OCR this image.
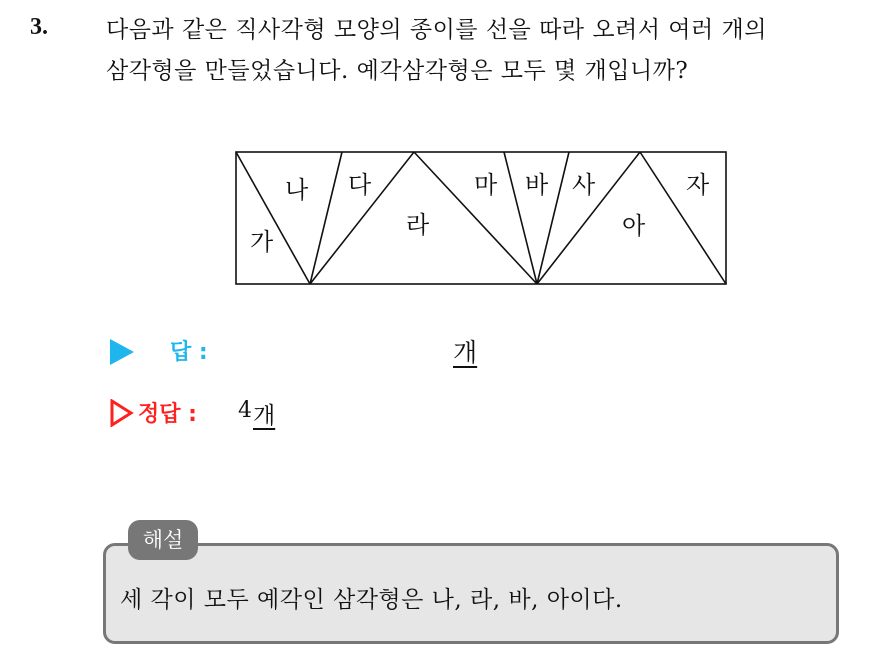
3.	다음과 같은 직사각형 모양의 종이를 선을 따라 오려서 여러 개의
삼각형을 만들었습니다. 예각삼각형은 모두 몇 개입니까?
가
나 다
라
마 바 사
아
자
답 :	개
정답 : 4 개
해설
세 각이 모두 예각인 삼각형은 나, 라, 바, 아이다.
